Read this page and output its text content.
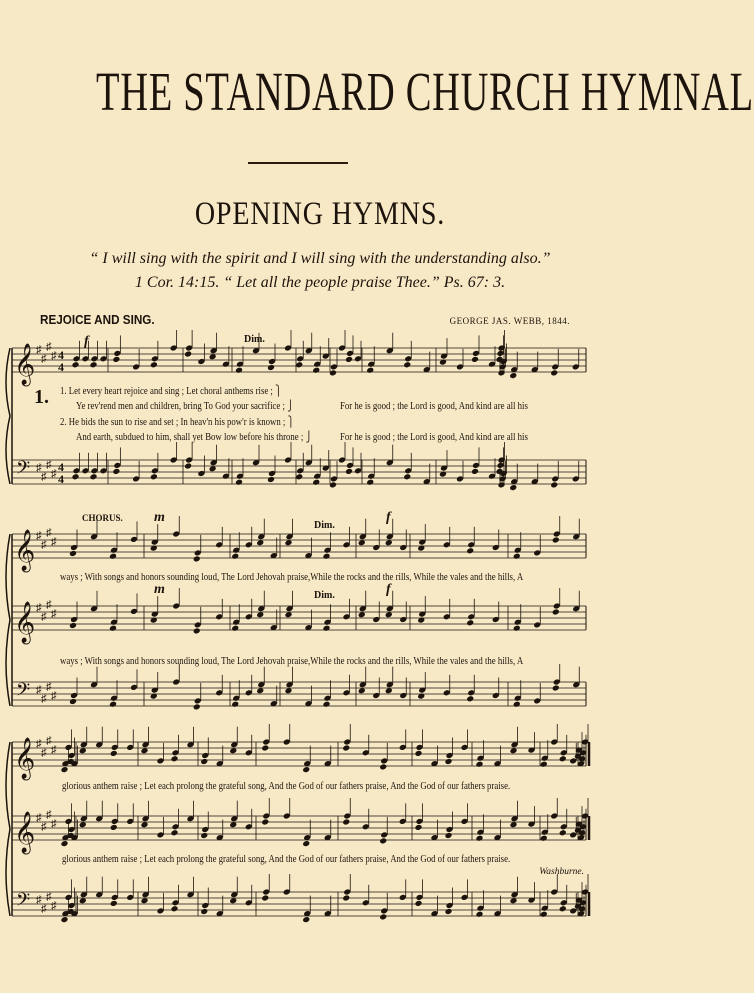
THE STANDARD CHURCH HYMNAL
OPENING HYMNS.
“ I will sing with the spirit and I will sing with the understanding also.”
1 Cor. 14:15. “ Let all the people praise Thee.” Ps. 67: 3.
REJOICE AND SING.	GEORGE JAS. WEBB, 1844.
𝄞 ♯
♯
♯
♯ 4
4
𝄢 ♯
♯
♯
♯ 4
4
𝄞 ♯
♯
♯
♯
𝄞 ♯
♯
♯
♯
𝄢 ♯
♯
♯
♯
𝄞 ♯
♯
♯
♯
𝄞 ♯
♯
♯
♯
𝄢 ♯
♯
♯
♯
1. 1. Let every heart rejoice and sing ; Let choral anthems rise ; ⎫
Ye rev'rend men and children, bring To God your sacrifice ; ⎭	For he is good ; the Lord is good, And kind are all his
2. He bids the sun to rise and set ; In heav'n his pow'r is known ; ⎫
And earth, subdued to him, shall yet Bow low before his throne ; ⎭	For he is good ; the Lord is good, And kind are all his
ways ; With songs and honors sounding loud, The Lord Jehovah praise,While the rocks and the rills, While the vales and the hills, A
ways ; With songs and honors sounding loud, The Lord Jehovah praise,While the rocks and the rills, While the vales and the hills, A
glorious anthem raise ; Let each prolong the grateful song, And the God of our fathers praise, And the God of our fathers praise.
glorious anthem raise ; Let each prolong the grateful song, And the God of our fathers praise, And the God of our fathers praise.
Washburne.
Dim.
CHORUS. m
Dim.
f
m	Dim.	f
f
